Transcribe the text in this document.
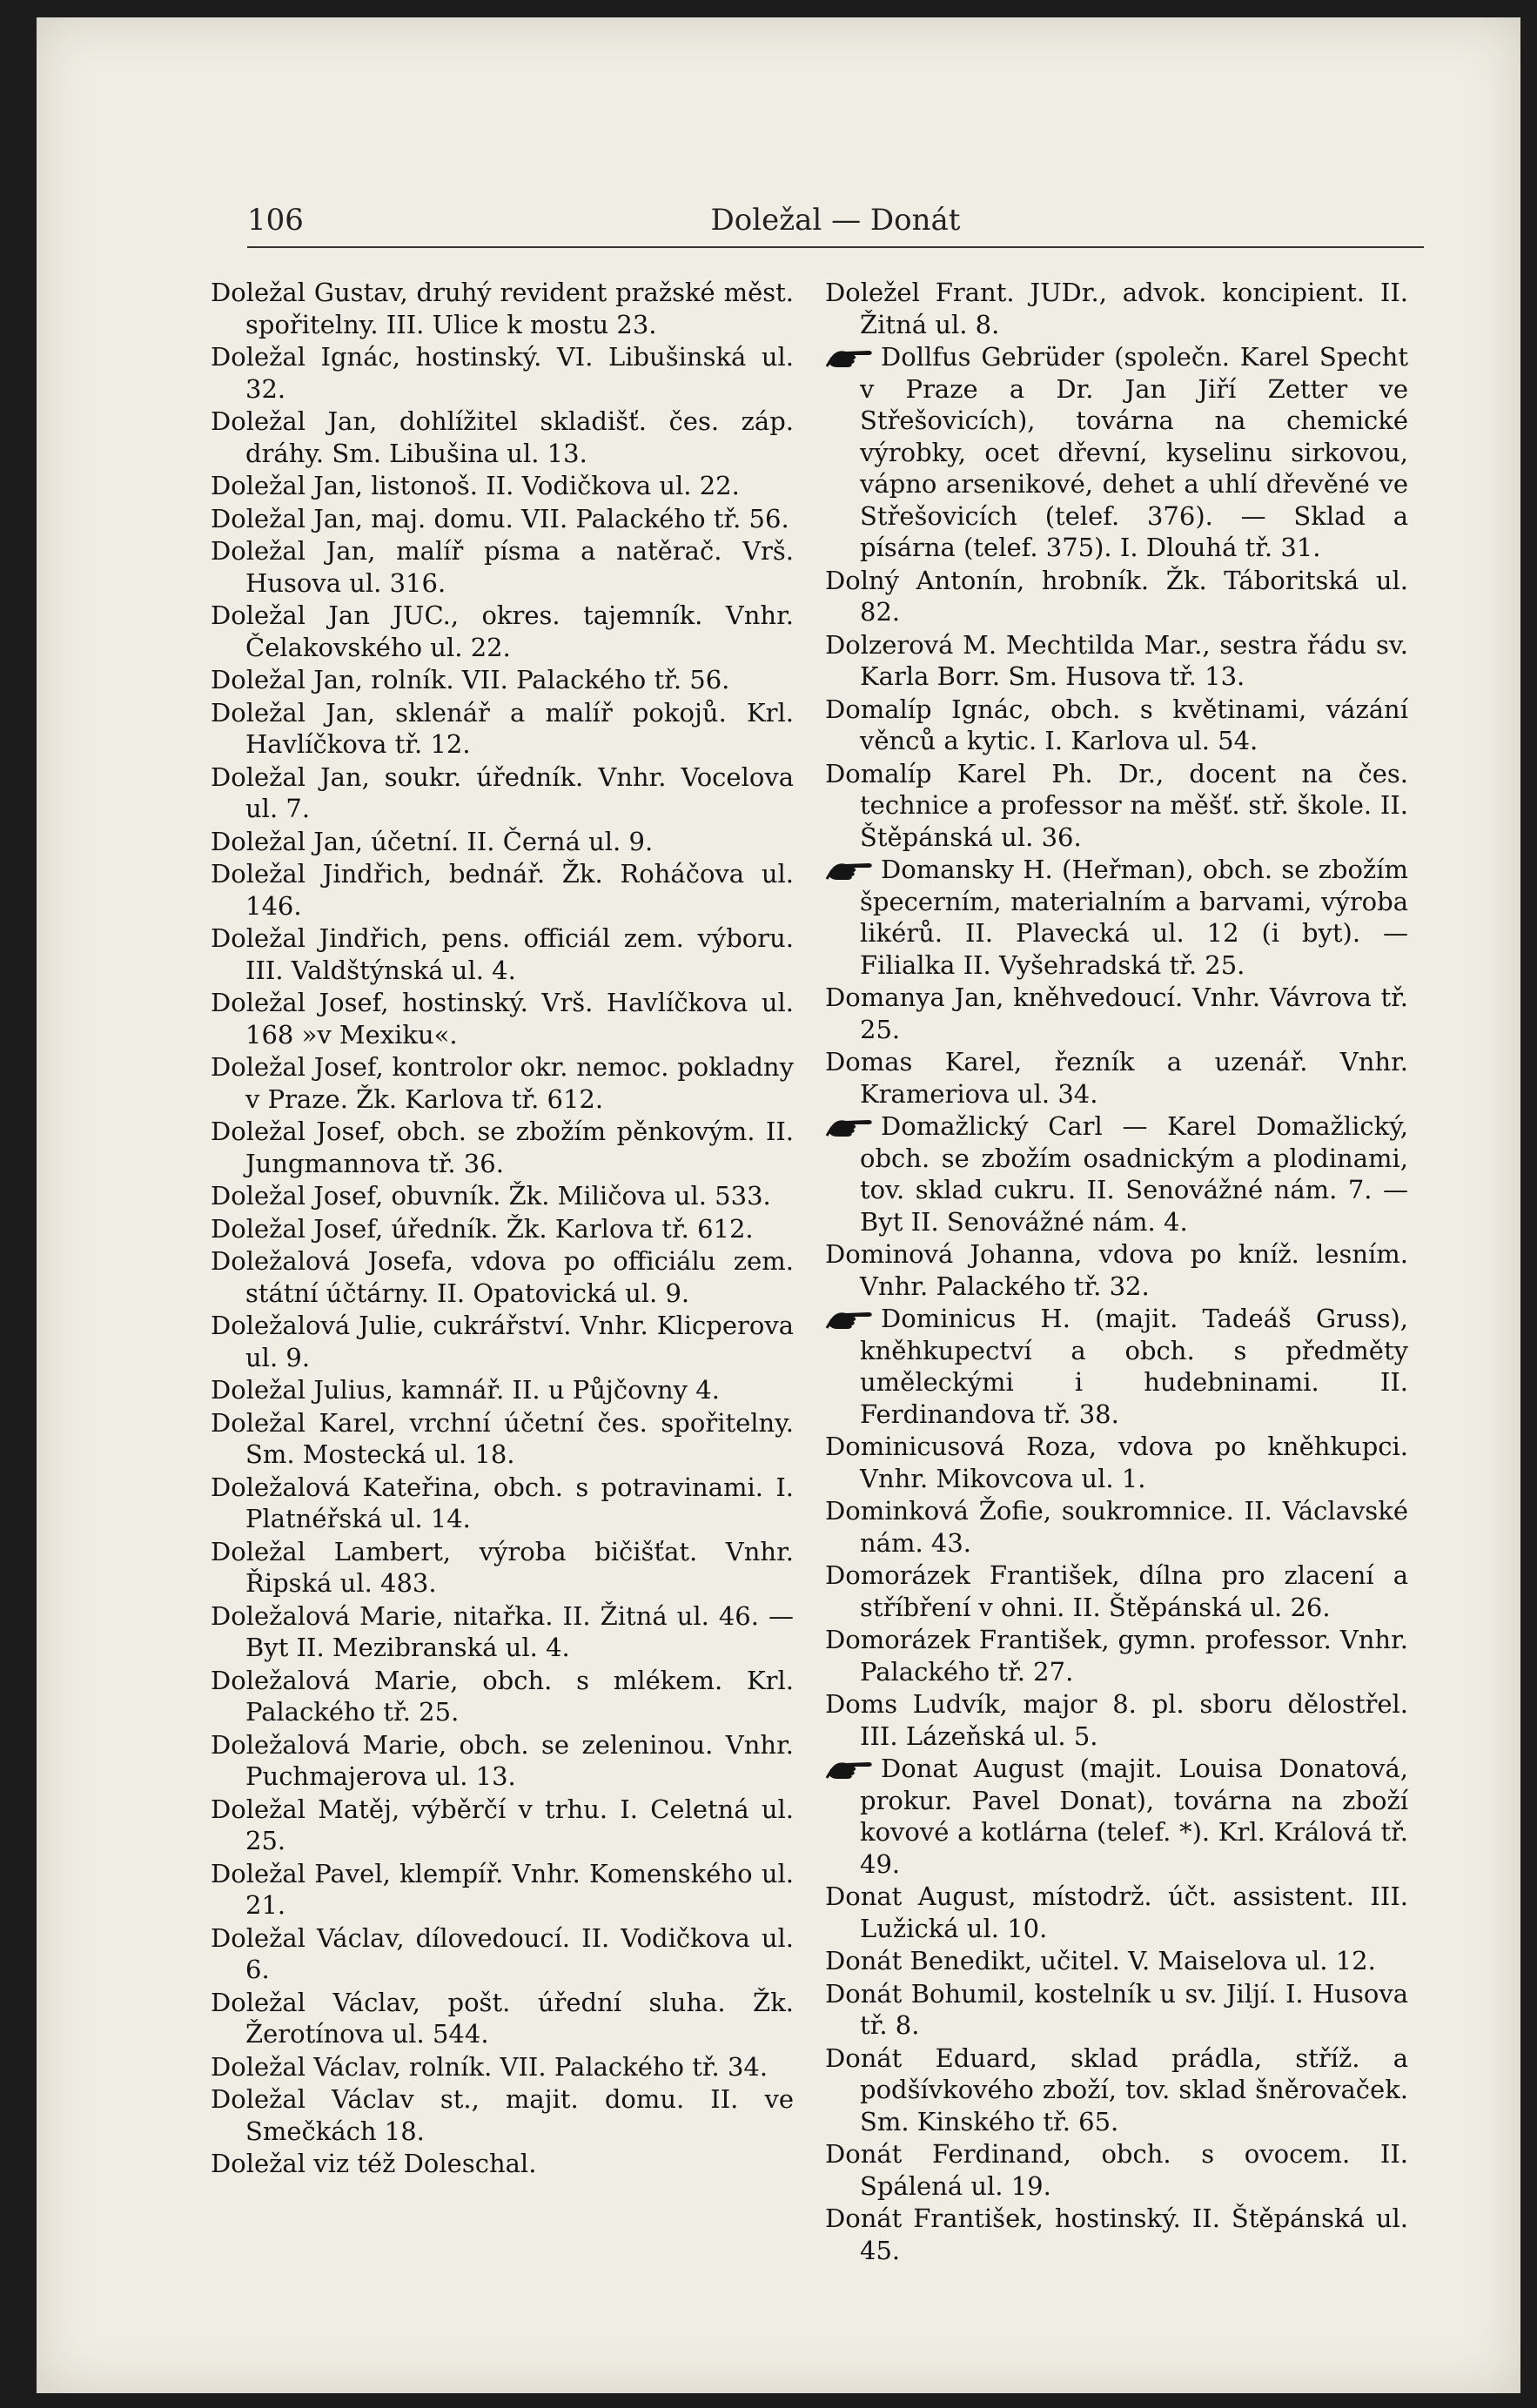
106	Doležal — Donát

Doležal Gustav, druhý revident pražské měst. spořitelny. III. Ulice k mostu 23.

Doležal Ignác, hostinský. VI. Libušinská ul. 32.

Doležal Jan, dohlížitel skladišť. čes. záp. dráhy. Sm. Libušina ul. 13.

Doležal Jan, listonoš. II. Vodičkova ul. 22.

Doležal Jan, maj. domu. VII. Palackého tř. 56.

Doležal Jan, malíř písma a natěrač. Vrš. Husova ul. 316.

Doležal Jan JUC., okres. tajemník. Vnhr. Čelakovského ul. 22.

Doležal Jan, rolník. VII. Palackého tř. 56.

Doležal Jan, sklenář a malíř pokojů. Krl. Havlíčkova tř. 12.

Doležal Jan, soukr. úředník. Vnhr. Vocelova ul. 7.

Doležal Jan, účetní. II. Černá ul. 9.

Doležal Jindřich, bednář. Žk. Roháčova ul. 146.

Doležal Jindřich, pens. officiál zem. výboru. III. Valdštýnská ul. 4.

Doležal Josef, hostinský. Vrš. Havlíčkova ul. 168 »v Mexiku«.

Doležal Josef, kontrolor okr. nemoc. pokladny v Praze. Žk. Karlova tř. 612.

Doležal Josef, obch. se zbožím pěnkovým. II. Jungmannova tř. 36.

Doležal Josef, obuvník. Žk. Miličova ul. 533.

Doležal Josef, úředník. Žk. Karlova tř. 612.

Doležalová Josefa, vdova po officiálu zem. státní účtárny. II. Opatovická ul. 9.

Doležalová Julie, cukrářství. Vnhr. Klicperova ul. 9.

Doležal Julius, kamnář. II. u Půjčovny 4.

Doležal Karel, vrchní účetní čes. spořitelny. Sm. Mostecká ul. 18.

Doležalová Kateřina, obch. s potravinami. I. Platnéřská ul. 14.

Doležal Lambert, výroba bičišťat. Vnhr. Řipská ul. 483.

Doležalová Marie, nitařka. II. Žitná ul. 46. — Byt II. Mezibranská ul. 4.

Doležalová Marie, obch. s mlékem. Krl. Palackého tř. 25.

Doležalová Marie, obch. se zeleninou. Vnhr. Puchmajerova ul. 13.

Doležal Matěj, výběrčí v trhu. I. Celetná ul. 25.

Doležal Pavel, klempíř. Vnhr. Komenského ul. 21.

Doležal Václav, dílovedoucí. II. Vodičkova ul. 6.

Doležal Václav, pošt. úřední sluha. Žk. Žerotínova ul. 544.

Doležal Václav, rolník. VII. Palackého tř. 34.

Doležal Václav st., majit. domu. II. ve Smečkách 18.

Doležal viz též Doleschal.

Doležel Frant. JUDr., advok. koncipient. II. Žitná ul. 8.

Dollfus Gebrüder (společn. Karel Specht v Praze a Dr. Jan Jiří Zetter ve Střešovicích), továrna na chemické výrobky, ocet dřevní, kyselinu sirkovou, vápno arsenikové, dehet a uhlí dřevěné ve Střešovicích (telef. 376). — Sklad a písárna (telef. 375). I. Dlouhá tř. 31.

Dolný Antonín, hrobník. Žk. Táboritská ul. 82.

Dolzerová M. Mechtilda Mar., sestra řádu sv. Karla Borr. Sm. Husova tř. 13.

Domalíp Ignác, obch. s květinami, vázání věnců a kytic. I. Karlova ul. 54.

Domalíp Karel Ph. Dr., docent na čes. technice a professor na měšť. stř. škole. II. Štěpánská ul. 36.

Domansky H. (Heřman), obch. se zbožím špecerním, materialním a barvami, výroba likérů. II. Plavecká ul. 12 (i byt). — Filialka II. Vyšehradská tř. 25.

Domanya Jan, kněhvedoucí. Vnhr. Vávrova tř. 25.

Domas Karel, řezník a uzenář. Vnhr. Krameriova ul. 34.

Domažlický Carl — Karel Domažlický, obch. se zbožím osadnickým a plodinami, tov. sklad cukru. II. Senovážné nám. 7. — Byt II. Senovážné nám. 4.

Dominová Johanna, vdova po kníž. lesním. Vnhr. Palackého tř. 32.

Dominicus H. (majit. Tadeáš Gruss), kněhkupectví a obch. s předměty uměleckými i hudebninami. II. Ferdinandova tř. 38.

Dominicusová Roza, vdova po kněhkupci. Vnhr. Mikovcova ul. 1.

Dominková Žofie, soukromnice. II. Václavské nám. 43.

Domorázek František, dílna pro zlacení a stříbření v ohni. II. Štěpánská ul. 26.

Domorázek František, gymn. professor. Vnhr. Palackého tř. 27.

Doms Ludvík, major 8. pl. sboru dělostřel. III. Lázeňská ul. 5.

Donat August (majit. Louisa Donatová, prokur. Pavel Donat), továrna na zboží kovové a kotlárna (telef. *). Krl. Králová tř. 49.

Donat August, místodrž. účt. assistent. III. Lužická ul. 10.

Donát Benedikt, učitel. V. Maiselova ul. 12.

Donát Bohumil, kostelník u sv. Jiljí. I. Husova tř. 8.

Donát Eduard, sklad prádla, stříž. a podšívkového zboží, tov. sklad šněrovaček. Sm. Kinského tř. 65.

Donát Ferdinand, obch. s ovocem. II. Spálená ul. 19.

Donát František, hostinský. II. Štěpánská ul. 45.
